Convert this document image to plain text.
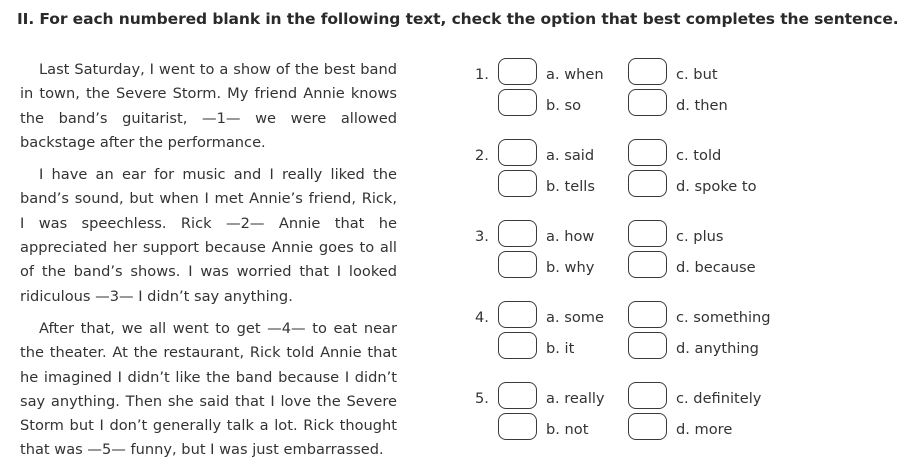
II. For each numbered blank in the following text, check the option that best completes the sentence.

Last Saturday, I went to a show of the best band in town, the Severe Storm. My friend Annie knows the band’s guitarist, —1— we were allowed backstage after the performance.

I have an ear for music and I really liked the band’s sound, but when I met Annie’s friend, Rick, I was speechless. Rick —2— Annie that he appreciated her support because Annie goes to all of the band’s shows. I was worried that I looked ridiculous —3— I didn’t say anything.

After that, we all went to get —4— to eat near the theater. At the restaurant, Rick told Annie that he imagined I didn’t like the band because I didn’t say anything. Then she said that I love the Severe Storm but I don’t generally talk a lot. Rick thought that was —5— funny, but I was just embarrassed.

1.	a. when
b. so
c. but
d. then
2.	a. said
b. tells
c. told
d. spoke to
3.	a. how
b. why
c. plus
d. because
4.	a. some
b. it
c. something
d. anything
5.	a. really
b. not
c. definitely
d. more
